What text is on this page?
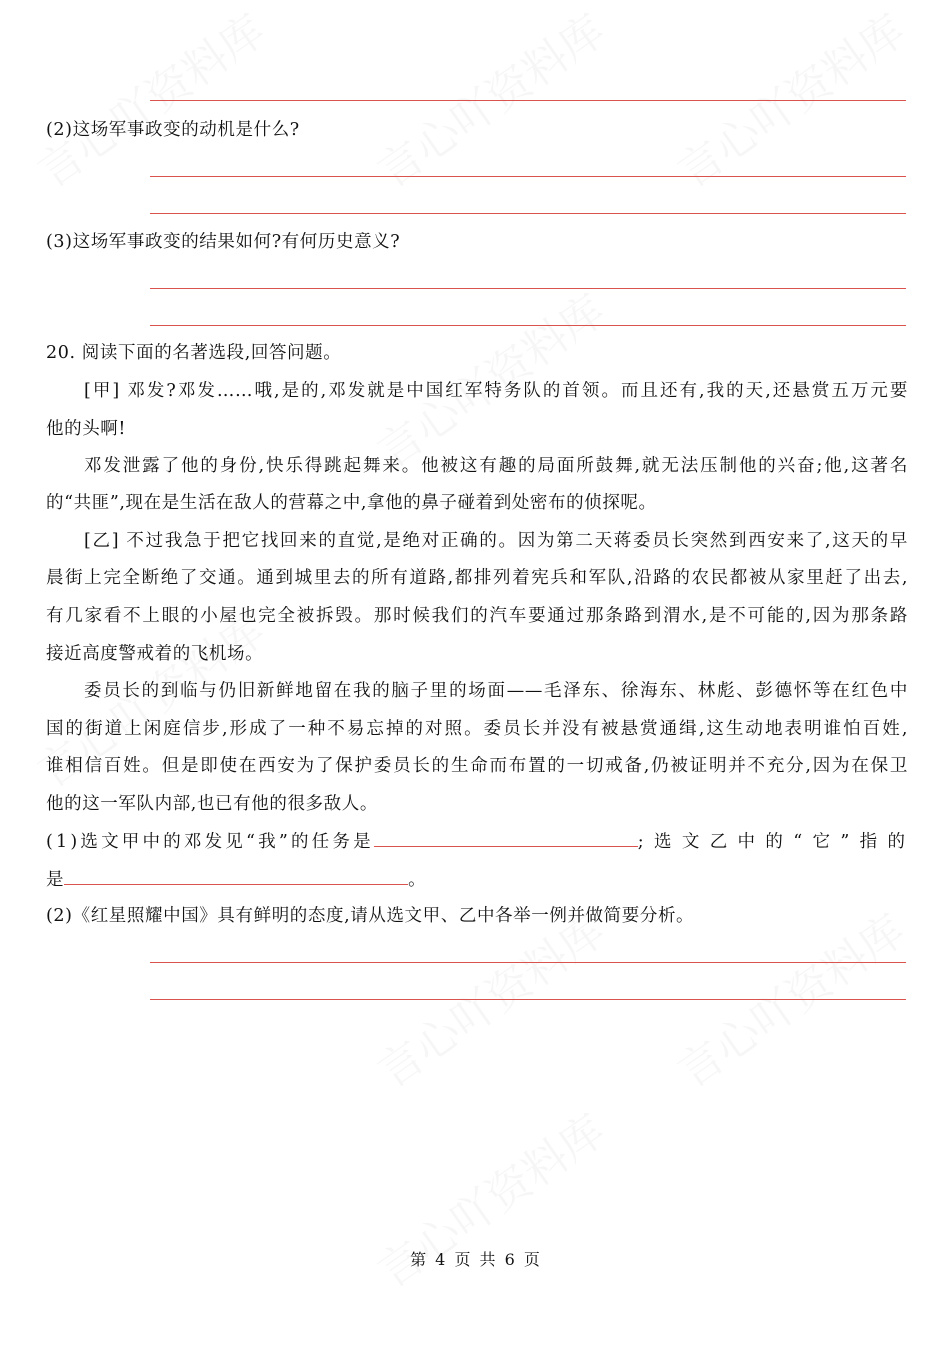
(2)这场军事政变的动机是什么?
(3)这场军事政变的结果如何?有何历史意义?
20. 阅读下面的名著选段,回答问题。
[甲] 邓发?邓发……哦,是的,邓发就是中国红军特务队的首领。而且还有,我的天,还悬赏五万元要
他的头啊!
邓发泄露了他的身份,快乐得跳起舞来。他被这有趣的局面所鼓舞,就无法压制他的兴奋;他,这著名
的“共匪”,现在是生活在敌人的营幕之中,拿他的鼻子碰着到处密布的侦探呢。
[乙] 不过我急于把它找回来的直觉,是绝对正确的。因为第二天蒋委员长突然到西安来了,这天的早
晨街上完全断绝了交通。通到城里去的所有道路,都排列着宪兵和军队,沿路的农民都被从家里赶了出去,
有几家看不上眼的小屋也完全被拆毁。那时候我们的汽车要通过那条路到渭水,是不可能的,因为那条路
接近高度警戒着的飞机场。
委员长的到临与仍旧新鲜地留在我的脑子里的场面——毛泽东、徐海东、林彪、彭德怀等在红色中
国的街道上闲庭信步,形成了一种不易忘掉的对照。委员长并没有被悬赏通缉,这生动地表明谁怕百姓,
谁相信百姓。但是即使在西安为了保护委员长的生命而布置的一切戒备,仍被证明并不充分,因为在保卫
他的这一军队内部,也已有他的很多敌人。
(1)选文甲中的邓发见“我”的任务是	;选文乙中的“它”指的
是	。
(2)《红星照耀中国》具有鲜明的态度,请从选文甲、乙中各举一例并做简要分析。
第 4 页 共 6 页
